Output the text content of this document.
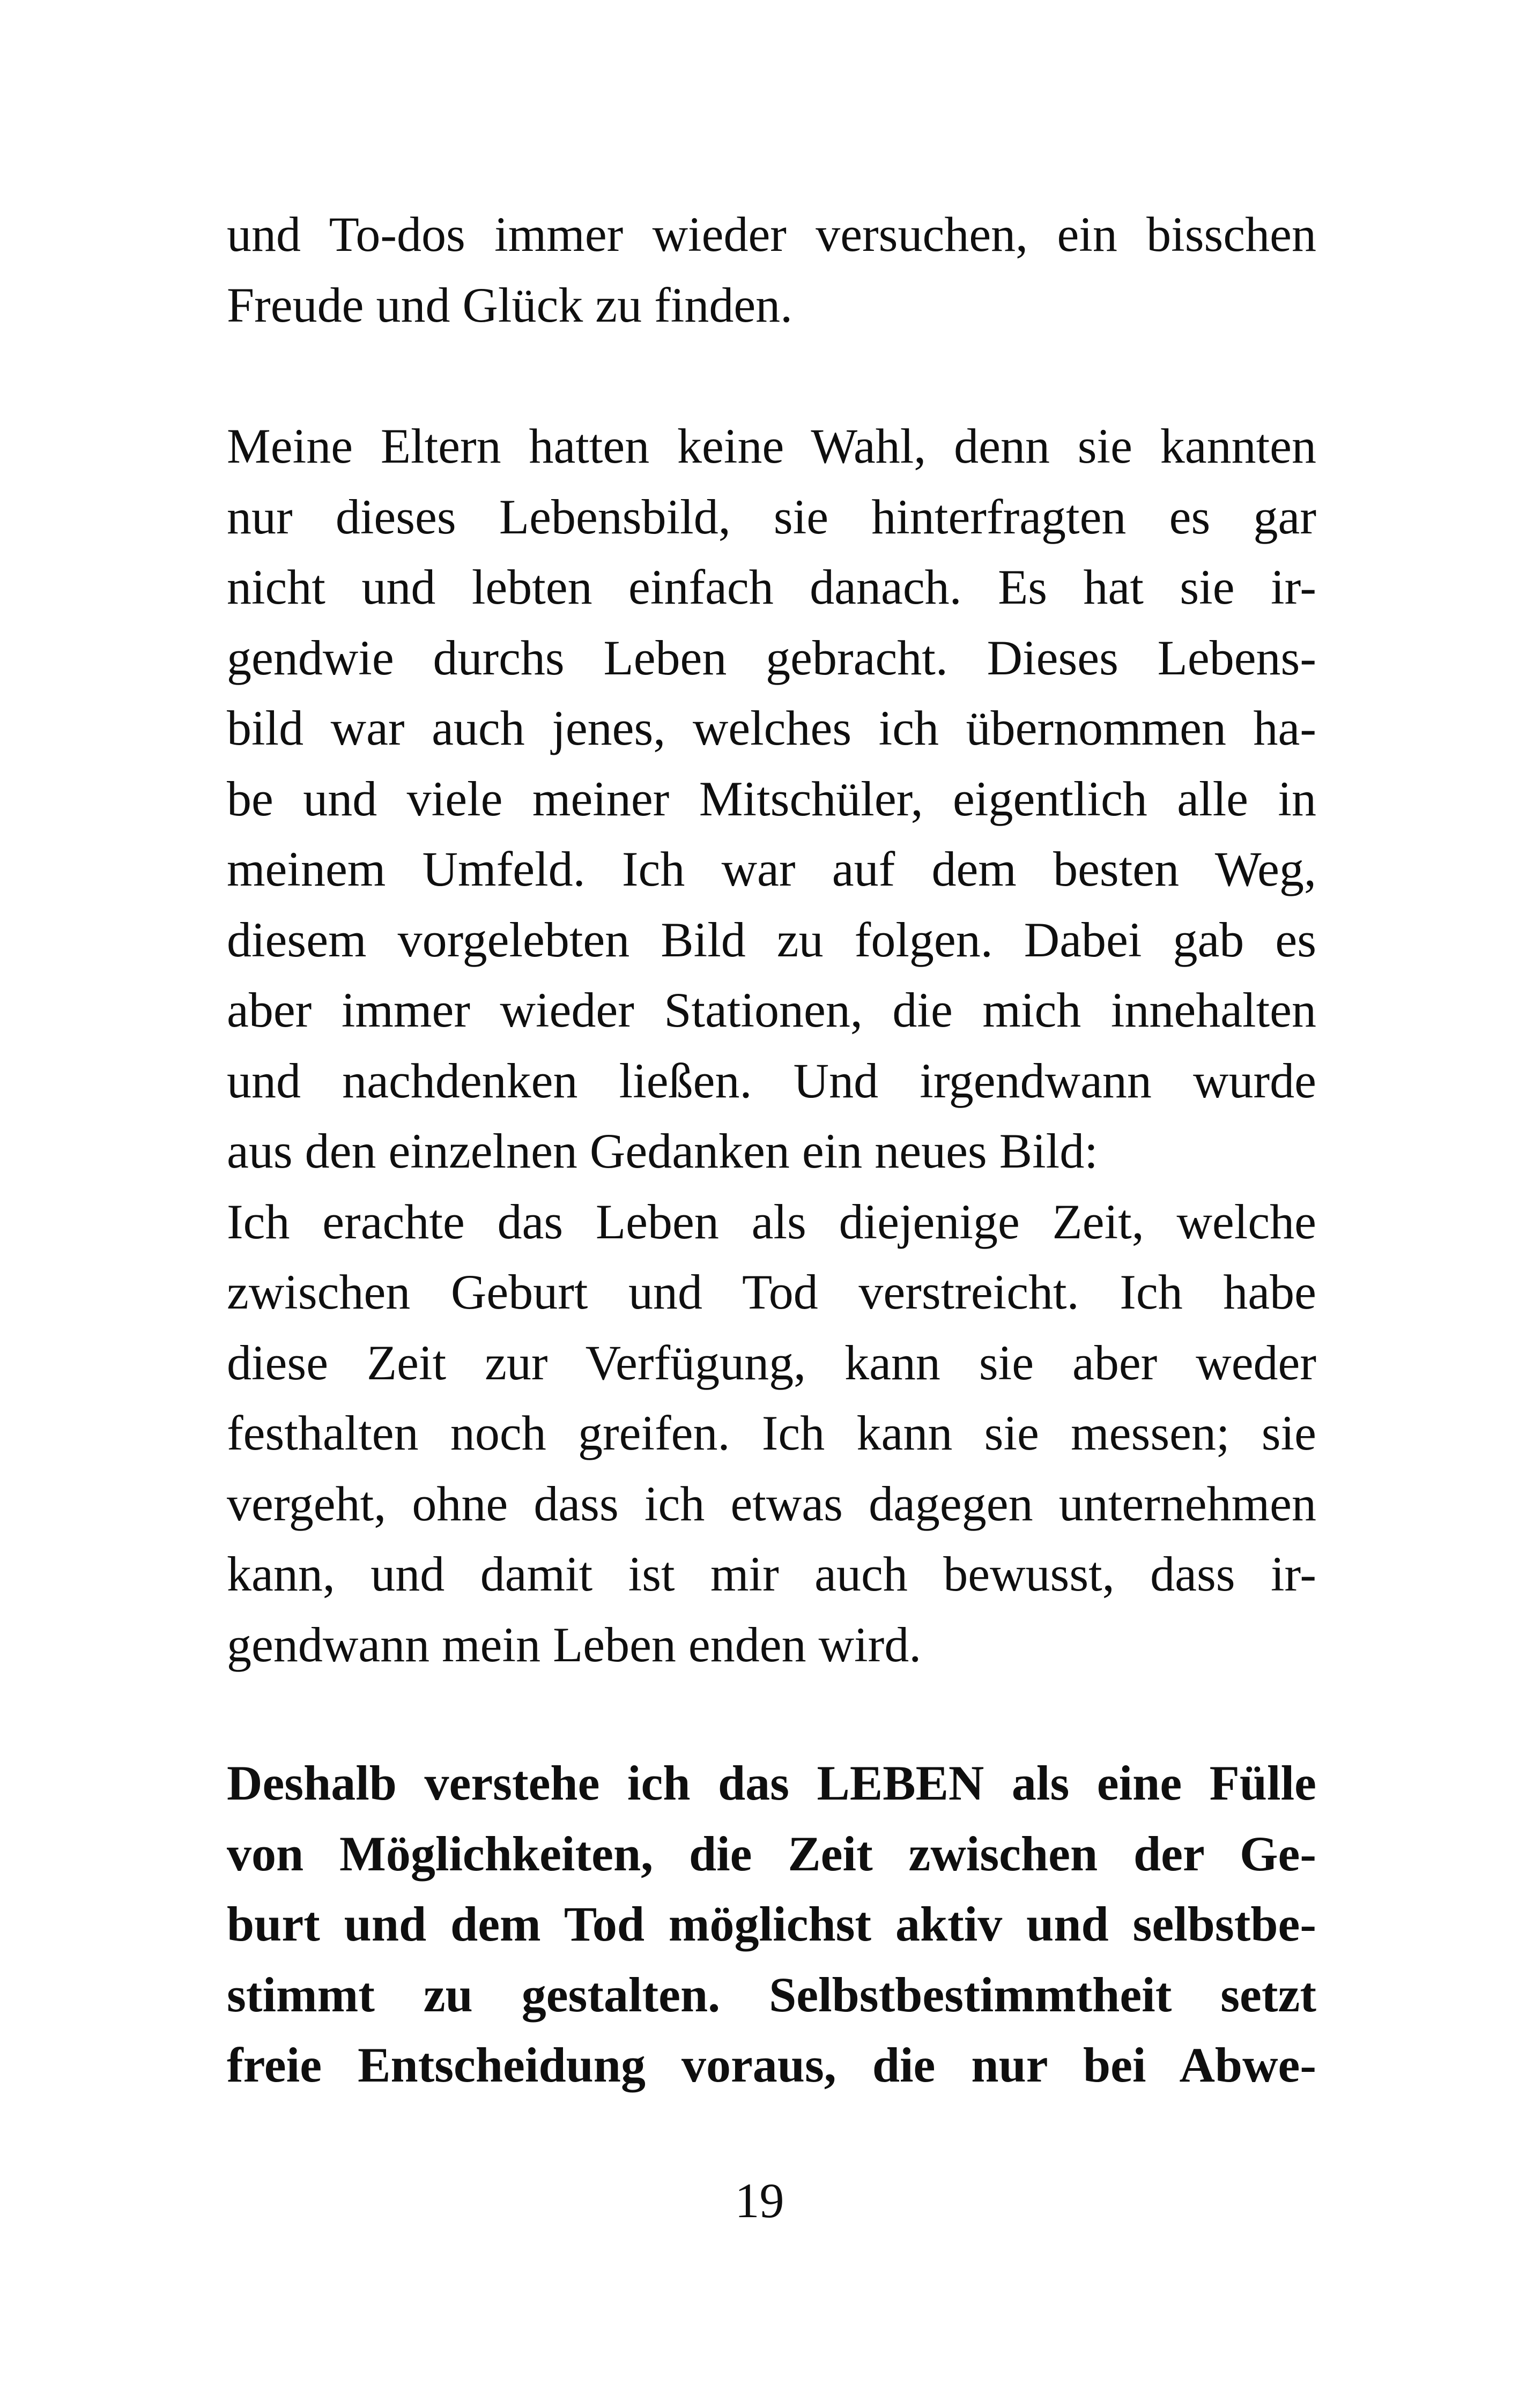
und To-dos immer wieder versuchen, ein bisschen
Freude und Glück zu finden.

Meine Eltern hatten keine Wahl, denn sie kannten
nur dieses Lebensbild, sie hinterfragten es gar
nicht und lebten einfach danach. Es hat sie ir-
gendwie durchs Leben gebracht. Dieses Lebens-
bild war auch jenes, welches ich übernommen ha-
be und viele meiner Mitschüler, eigentlich alle in
meinem Umfeld. Ich war auf dem besten Weg,
diesem vorgelebten Bild zu folgen. Dabei gab es
aber immer wieder Stationen, die mich innehalten
und nachdenken ließen. Und irgendwann wurde
aus den einzelnen Gedanken ein neues Bild:
Ich erachte das Leben als diejenige Zeit, welche
zwischen Geburt und Tod verstreicht. Ich habe
diese Zeit zur Verfügung, kann sie aber weder
festhalten noch greifen. Ich kann sie messen; sie
vergeht, ohne dass ich etwas dagegen unternehmen
kann, und damit ist mir auch bewusst, dass ir-
gendwann mein Leben enden wird.

Deshalb verstehe ich das LEBEN als eine Fülle
von Möglichkeiten, die Zeit zwischen der Ge-
burt und dem Tod möglichst aktiv und selbstbe-
stimmt zu gestalten. Selbstbestimmtheit setzt
freie Entscheidung voraus, die nur bei Abwe-

19
